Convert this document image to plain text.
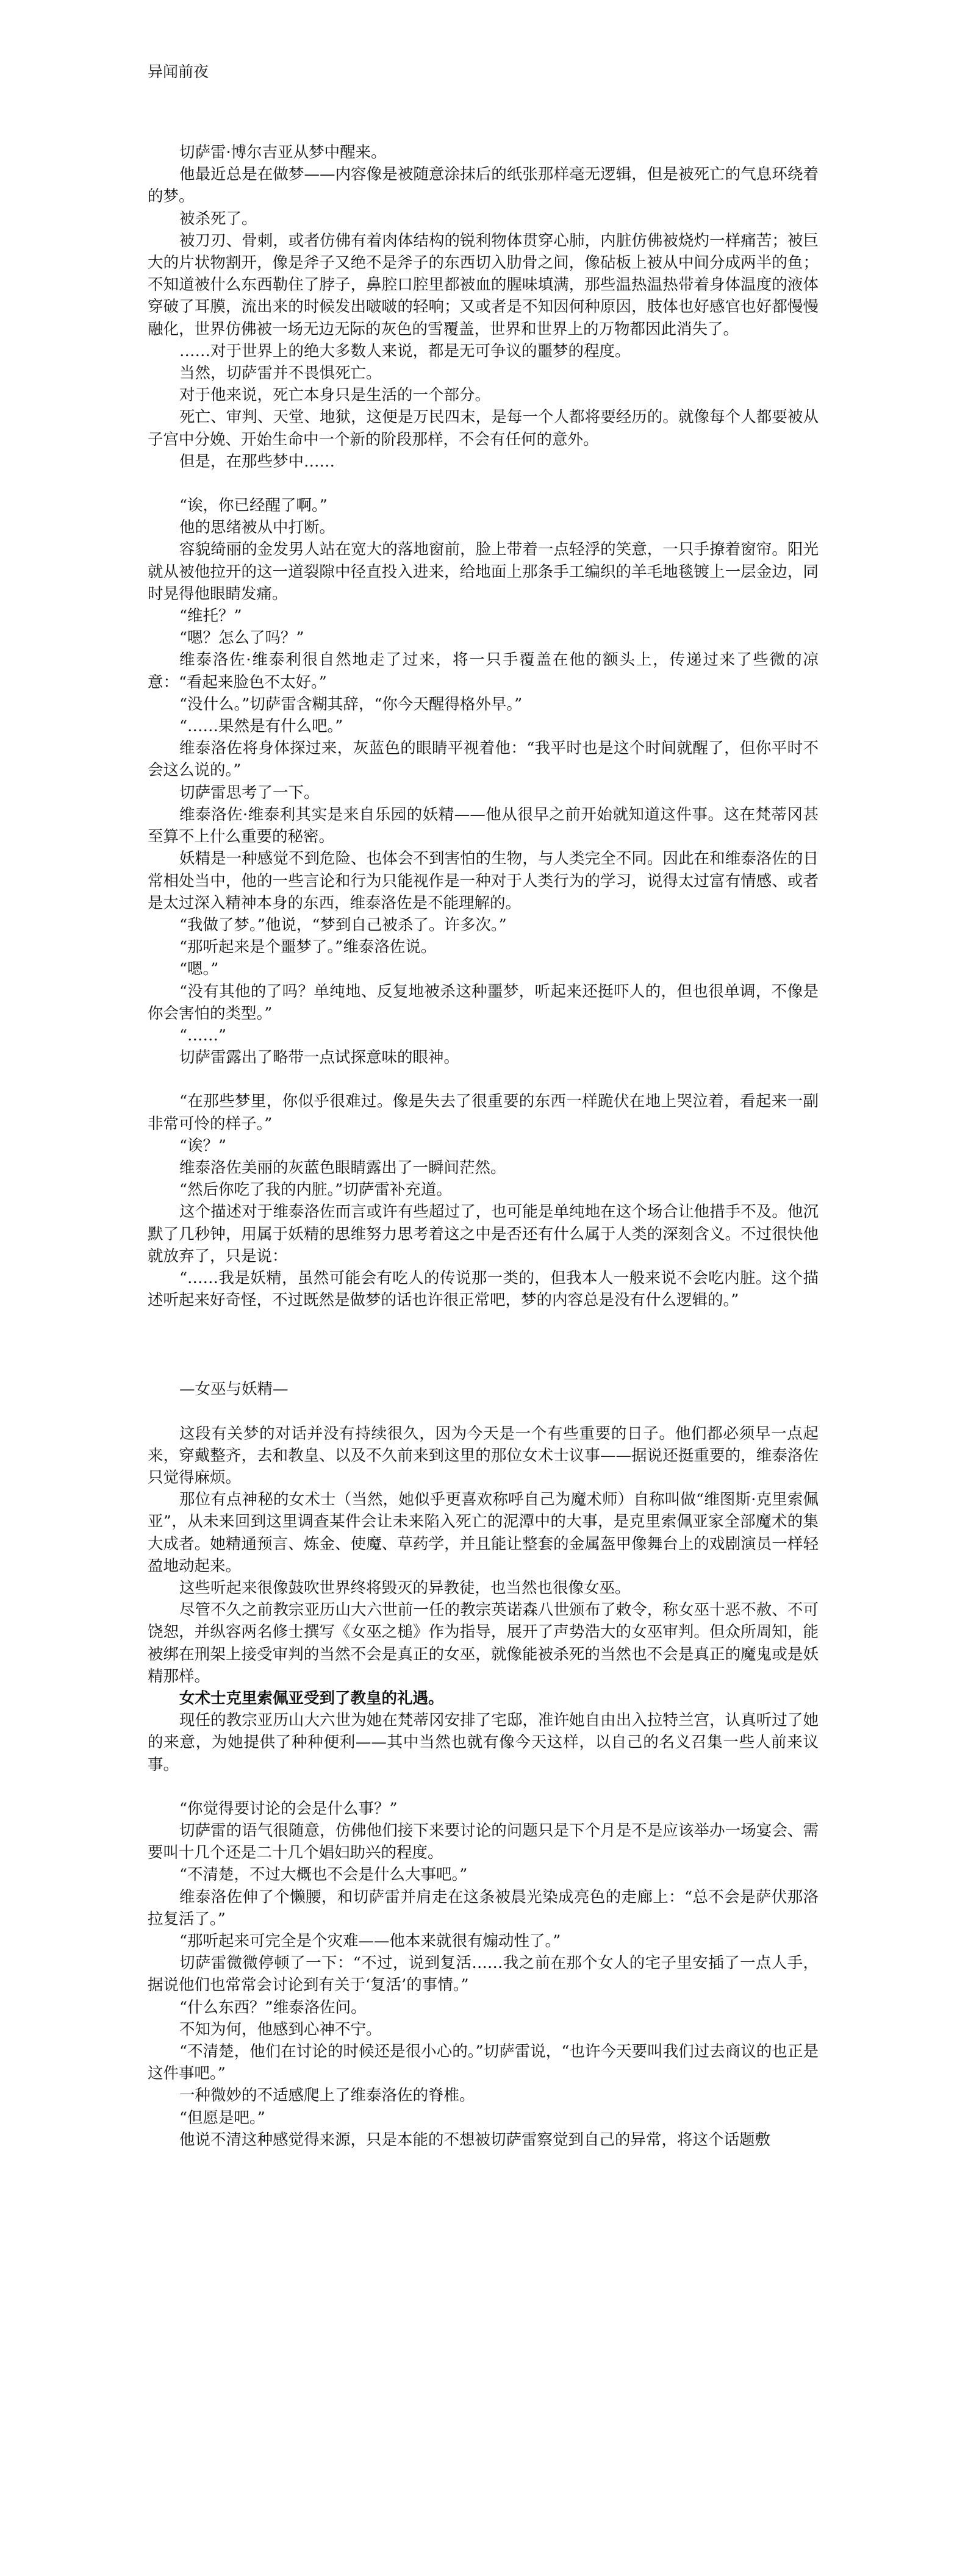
异闻前夜

切萨雷·博尔吉亚从梦中醒来。

他最近总是在做梦——内容像是被随意涂抹后的纸张那样毫无逻辑，但是被死亡的气息环绕着的梦。

被杀死了。

被刀刃、骨刺，或者仿佛有着肉体结构的锐利物体贯穿心肺，内脏仿佛被烧灼一样痛苦；被巨大的片状物割开，像是斧子又绝不是斧子的东西切入肋骨之间，像砧板上被从中间分成两半的鱼；不知道被什么东西勒住了脖子，鼻腔口腔里都被血的腥味填满，那些温热温热带着身体温度的液体穿破了耳膜，流出来的时候发出啵啵的轻响；又或者是不知因何种原因，肢体也好感官也好都慢慢融化，世界仿佛被一场无边无际的灰色的雪覆盖，世界和世界上的万物都因此消失了。

……对于世界上的绝大多数人来说，都是无可争议的噩梦的程度。

当然，切萨雷并不畏惧死亡。

对于他来说，死亡本身只是生活的一个部分。

死亡、审判、天堂、地狱，这便是万民四末，是每一个人都将要经历的。就像每个人都要被从子宫中分娩、开始生命中一个新的阶段那样，不会有任何的意外。

但是，在那些梦中……

“诶，你已经醒了啊。”

他的思绪被从中打断。

容貌绮丽的金发男人站在宽大的落地窗前，脸上带着一点轻浮的笑意，一只手撩着窗帘。阳光就从被他拉开的这一道裂隙中径直投入进来，给地面上那条手工编织的羊毛地毯镀上一层金边，同时晃得他眼睛发痛。

“维托？”

“嗯？怎么了吗？”

维泰洛佐·维泰利很自然地走了过来，将一只手覆盖在他的额头上，传递过来了些微的凉意：“看起来脸色不太好。”

“没什么。”切萨雷含糊其辞，“你今天醒得格外早。”

“……果然是有什么吧。”

维泰洛佐将身体探过来，灰蓝色的眼睛平视着他：“我平时也是这个时间就醒了，但你平时不会这么说的。”

切萨雷思考了一下。

维泰洛佐·维泰利其实是来自乐园的妖精——他从很早之前开始就知道这件事。这在梵蒂冈甚至算不上什么重要的秘密。

妖精是一种感觉不到危险、也体会不到害怕的生物，与人类完全不同。因此在和维泰洛佐的日常相处当中，他的一些言论和行为只能视作是一种对于人类行为的学习，说得太过富有情感、或者是太过深入精神本身的东西，维泰洛佐是不能理解的。

“我做了梦。”他说，“梦到自己被杀了。许多次。”

“那听起来是个噩梦了。”维泰洛佐说。

“嗯。”

“没有其他的了吗？单纯地、反复地被杀这种噩梦，听起来还挺吓人的，但也很单调，不像是你会害怕的类型。”

“……”

切萨雷露出了略带一点试探意味的眼神。

“在那些梦里，你似乎很难过。像是失去了很重要的东西一样跪伏在地上哭泣着，看起来一副非常可怜的样子。”

“诶？”

维泰洛佐美丽的灰蓝色眼睛露出了一瞬间茫然。

“然后你吃了我的内脏。”切萨雷补充道。

这个描述对于维泰洛佐而言或许有些超过了，也可能是单纯地在这个场合让他措手不及。他沉默了几秒钟，用属于妖精的思维努力思考着这之中是否还有什么属于人类的深刻含义。不过很快他就放弃了，只是说：

“……我是妖精，虽然可能会有吃人的传说那一类的，但我本人一般来说不会吃内脏。这个描述听起来好奇怪，不过既然是做梦的话也许很正常吧，梦的内容总是没有什么逻辑的。”

—女巫与妖精—

这段有关梦的对话并没有持续很久，因为今天是一个有些重要的日子。他们都必须早一点起来，穿戴整齐，去和教皇、以及不久前来到这里的那位女术士议事——据说还挺重要的，维泰洛佐只觉得麻烦。

那位有点神秘的女术士（当然，她似乎更喜欢称呼自己为魔术师）自称叫做“维图斯·克里索佩亚”，从未来回到这里调查某件会让未来陷入死亡的泥潭中的大事，是克里索佩亚家全部魔术的集大成者。她精通预言、炼金、使魔、草药学，并且能让整套的金属盔甲像舞台上的戏剧演员一样轻盈地动起来。

这些听起来很像鼓吹世界终将毁灭的异教徒，也当然也很像女巫。

尽管不久之前教宗亚历山大六世前一任的教宗英诺森八世颁布了敕令，称女巫十恶不赦、不可饶恕，并纵容两名修士撰写《女巫之槌》作为指导，展开了声势浩大的女巫审判。但众所周知，能被绑在刑架上接受审判的当然不会是真正的女巫，就像能被杀死的当然也不会是真正的魔鬼或是妖精那样。

女术士克里索佩亚受到了教皇的礼遇。

现任的教宗亚历山大六世为她在梵蒂冈安排了宅邸，准许她自由出入拉特兰宫，认真听过了她的来意，为她提供了种种便利——其中当然也就有像今天这样，以自己的名义召集一些人前来议事。

“你觉得要讨论的会是什么事？”

切萨雷的语气很随意，仿佛他们接下来要讨论的问题只是下个月是不是应该举办一场宴会、需要叫十几个还是二十几个娼妇助兴的程度。

“不清楚，不过大概也不会是什么大事吧。”

维泰洛佐伸了个懒腰，和切萨雷并肩走在这条被晨光染成亮色的走廊上：“总不会是萨伏那洛拉复活了。”

“那听起来可完全是个灾难——他本来就很有煽动性了。”

切萨雷微微停顿了一下：“不过，说到复活……我之前在那个女人的宅子里安插了一点人手，据说他们也常常会讨论到有关于‘复活’的事情。”

“什么东西？”维泰洛佐问。

不知为何，他感到心神不宁。

“不清楚，他们在讨论的时候还是很小心的。”切萨雷说，“也许今天要叫我们过去商议的也正是这件事吧。”

一种微妙的不适感爬上了维泰洛佐的脊椎。

“但愿是吧。”

他说不清这种感觉得来源，只是本能的不想被切萨雷察觉到自己的异常，将这个话题敷
